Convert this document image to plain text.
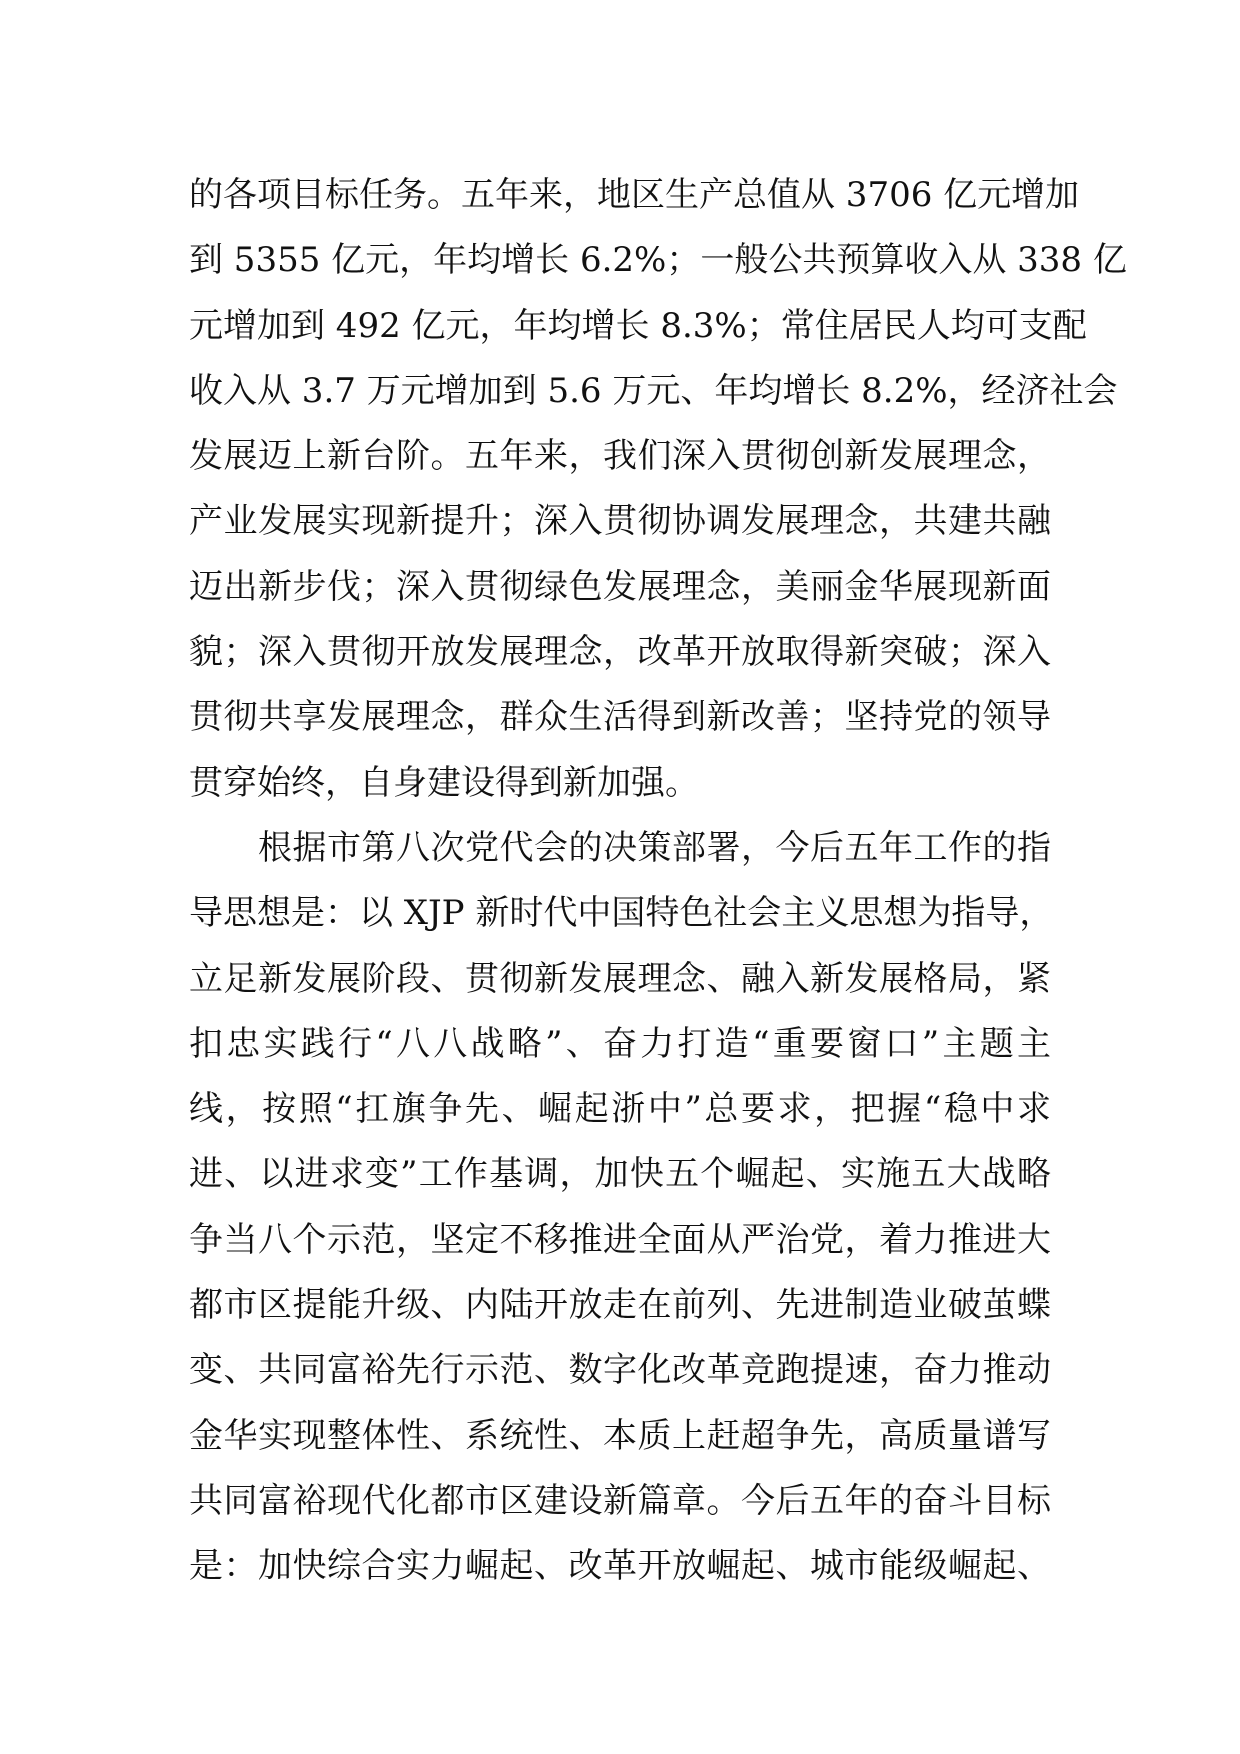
的各项目标任务。五年来，地区生产总值从 3706 亿元增加
到 5355 亿元，年均增长 6.2%；一般公共预算收入从 338 亿
元增加到 492 亿元，年均增长 8.3%；常住居民人均可支配
收入从 3.7 万元增加到 5.6 万元、年均增长 8.2%，经济社会
发展迈上新台阶。五年来，我们深入贯彻创新发展理念，
产业发展实现新提升；深入贯彻协调发展理念，共建共融
迈出新步伐；深入贯彻绿色发展理念，美丽金华展现新面
貌；深入贯彻开放发展理念，改革开放取得新突破；深入
贯彻共享发展理念，群众生活得到新改善；坚持党的领导
贯穿始终，自身建设得到新加强。
　　根据市第八次党代会的决策部署，今后五年工作的指
导思想是：以 XJP 新时代中国特色社会主义思想为指导，
立足新发展阶段、贯彻新发展理念、融入新发展格局，紧
扣忠实践行“八八战略”、奋力打造“重要窗口”主题主
线，按照“扛旗争先、崛起浙中”总要求，把握“稳中求
进、以进求变”工作基调，加快五个崛起、实施五大战略
争当八个示范，坚定不移推进全面从严治党，着力推进大
都市区提能升级、内陆开放走在前列、先进制造业破茧蝶
变、共同富裕先行示范、数字化改革竞跑提速，奋力推动
金华实现整体性、系统性、本质上赶超争先，高质量谱写
共同富裕现代化都市区建设新篇章。今后五年的奋斗目标
是：加快综合实力崛起、改革开放崛起、城市能级崛起、
